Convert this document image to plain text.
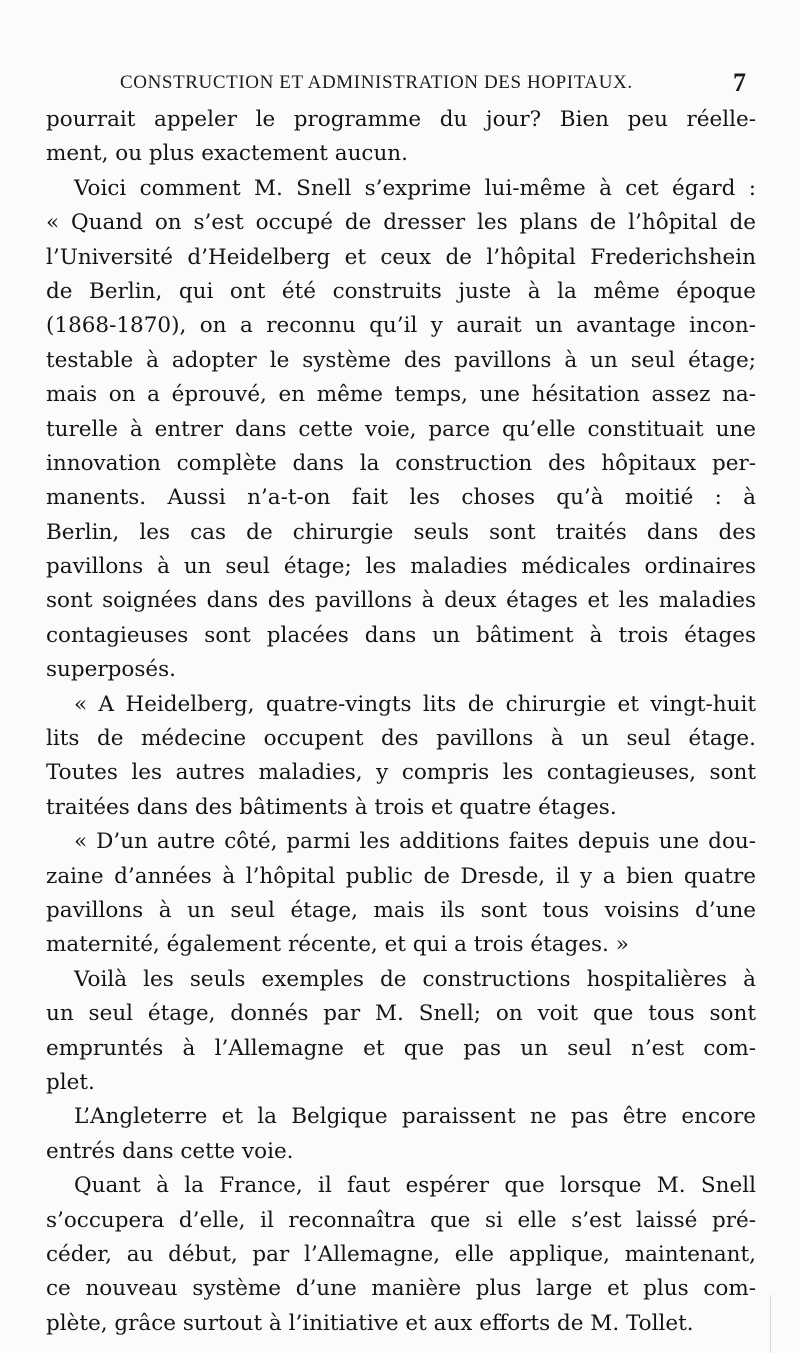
CONSTRUCTION ET ADMINISTRATION DES HOPITAUX.	7
pourrait appeler le programme du jour? Bien peu réelle-
ment, ou plus exactement aucun.
Voici comment M. Snell s’exprime lui-même à cet égard :
« Quand on s’est occupé de dresser les plans de l’hôpital de
l’Université d’Heidelberg et ceux de l’hôpital Frederichshein
de Berlin, qui ont été construits juste à la même époque
(1868-1870), on a reconnu qu’il y aurait un avantage incon-
testable à adopter le système des pavillons à un seul étage;
mais on a éprouvé, en même temps, une hésitation assez na-
turelle à entrer dans cette voie, parce qu’elle constituait une
innovation complète dans la construction des hôpitaux per-
manents. Aussi n’a-t-on fait les choses qu’à moitié : à
Berlin, les cas de chirurgie seuls sont traités dans des
pavillons à un seul étage; les maladies médicales ordinaires
sont soignées dans des pavillons à deux étages et les maladies
contagieuses sont placées dans un bâtiment à trois étages
superposés.
« A Heidelberg, quatre-vingts lits de chirurgie et vingt-huit
lits de médecine occupent des pavillons à un seul étage.
Toutes les autres maladies, y compris les contagieuses, sont
traitées dans des bâtiments à trois et quatre étages.
« D’un autre côté, parmi les additions faites depuis une dou-
zaine d’années à l’hôpital public de Dresde, il y a bien quatre
pavillons à un seul étage, mais ils sont tous voisins d’une
maternité, également récente, et qui a trois étages. »
Voilà les seuls exemples de constructions hospitalières à
un seul étage, donnés par M. Snell; on voit que tous sont
empruntés à l’Allemagne et que pas un seul n’est com-
plet.
L’Angleterre et la Belgique paraissent ne pas être encore
entrés dans cette voie.
Quant à la France, il faut espérer que lorsque M. Snell
s’occupera d’elle, il reconnaîtra que si elle s’est laissé pré-
céder, au début, par l’Allemagne, elle applique, maintenant,
ce nouveau système d’une manière plus large et plus com-
plète, grâce surtout à l’initiative et aux efforts de M. Tollet.
